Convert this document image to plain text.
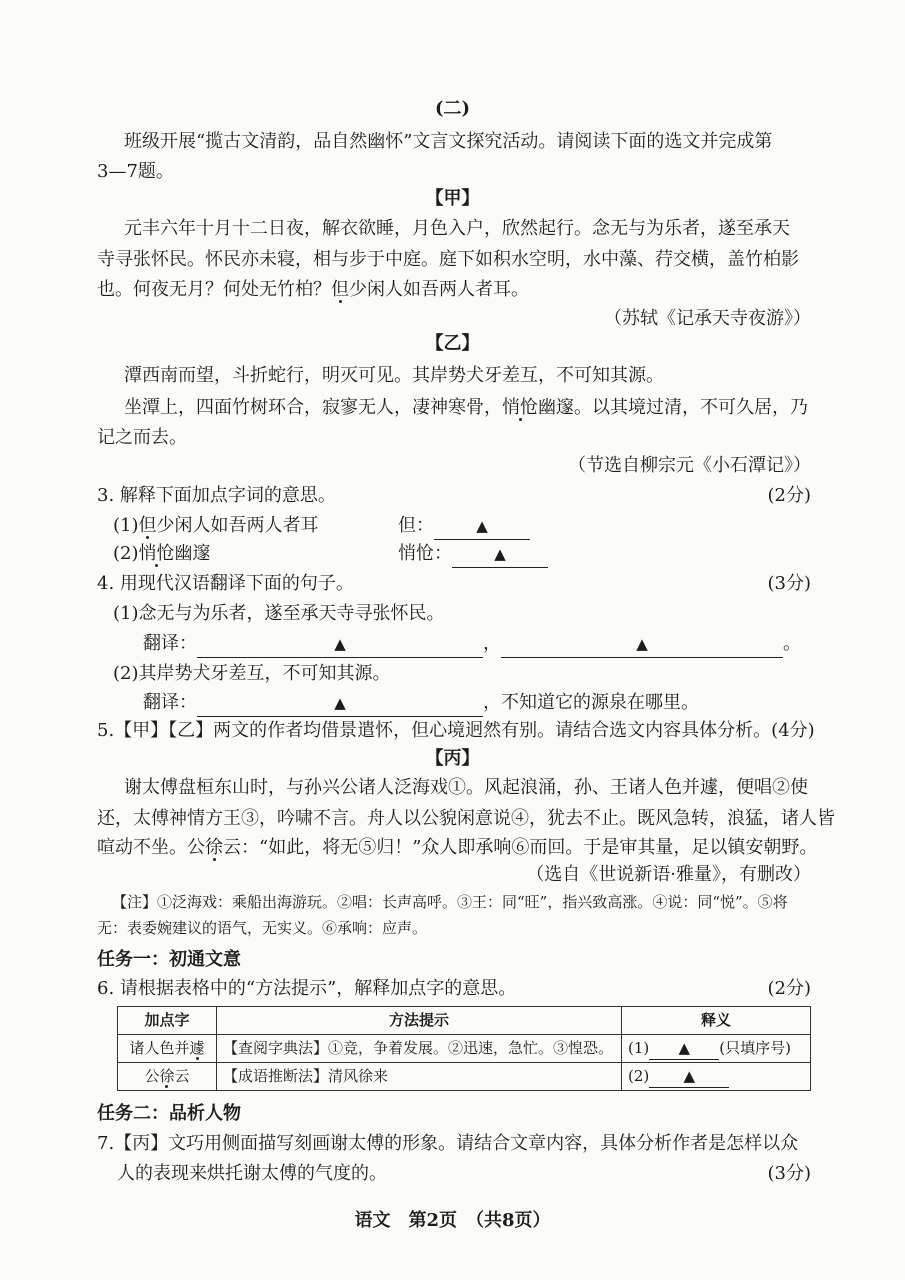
(二)
班级开展“揽古文清韵，品自然幽怀”文言文探究活动。请阅读下面的选文并完成第
3—7题。
【甲】
元丰六年十月十二日夜，解衣欲睡，月色入户，欣然起行。念无与为乐者，遂至承天
寺寻张怀民。怀民亦未寝，相与步于中庭。庭下如积水空明，水中藻、荇交横，盖竹柏影
也。何夜无月？何处无竹柏？但少闲人如吾两人者耳。
（苏轼《记承天寺夜游》）
【乙】
潭西南而望，斗折蛇行，明灭可见。其岸势犬牙差互，不可知其源。
坐潭上，四面竹树环合，寂寥无人，凄神寒骨，悄怆幽邃。以其境过清，不可久居，乃
记之而去。
（节选自柳宗元《小石潭记》）
3. 解释下面加点字词的意思。	(2分)
(1)但少闲人如吾两人者耳	但：	▲
(2)悄怆幽邃	悄怆：	▲
4. 用现代汉语翻译下面的句子。	(3分)
(1)念无与为乐者，遂至承天寺寻张怀民。
翻译：	▲	，	▲	。
(2)其岸势犬牙差互，不可知其源。
翻译：	▲	，不知道它的源泉在哪里。
5.【甲】【乙】两文的作者均借景遣怀，但心境迥然有别。请结合选文内容具体分析。(4分)
【丙】
谢太傅盘桓东山时，与孙兴公诸人泛海戏①。风起浪涌，孙、王诸人色并遽，便唱②使
还，太傅神情方王③，吟啸不言。舟人以公貌闲意说④，犹去不止。既风急转，浪猛，诸人皆
喧动不坐。公徐云：“如此，将无⑤归！”众人即承响⑥而回。于是审其量，足以镇安朝野。
（选自《世说新语·雅量》，有删改）
【注】①泛海戏：乘船出海游玩。②唱：长声高呼。③王：同“旺”，指兴致高涨。④说：同“悦”。⑤将
无：表委婉建议的语气，无实义。⑥承响：应声。
任务一：初通文意
6. 请根据表格中的“方法提示”，解释加点字的意思。	(2分)
加点字	方法提示	释义
诸人色并遽	【查阅字典法】①竞，争着发展。②迅速，急忙。③惶恐。	(1) ▲ (只填序号)
公徐云	【成语推断法】清风徐来	(2) ▲
任务二：品析人物
7.【丙】文巧用侧面描写刻画谢太傅的形象。请结合文章内容，具体分析作者是怎样以众
人的表现来烘托谢太傅的气度的。	(3分)
语文　第2页　（共8页）
